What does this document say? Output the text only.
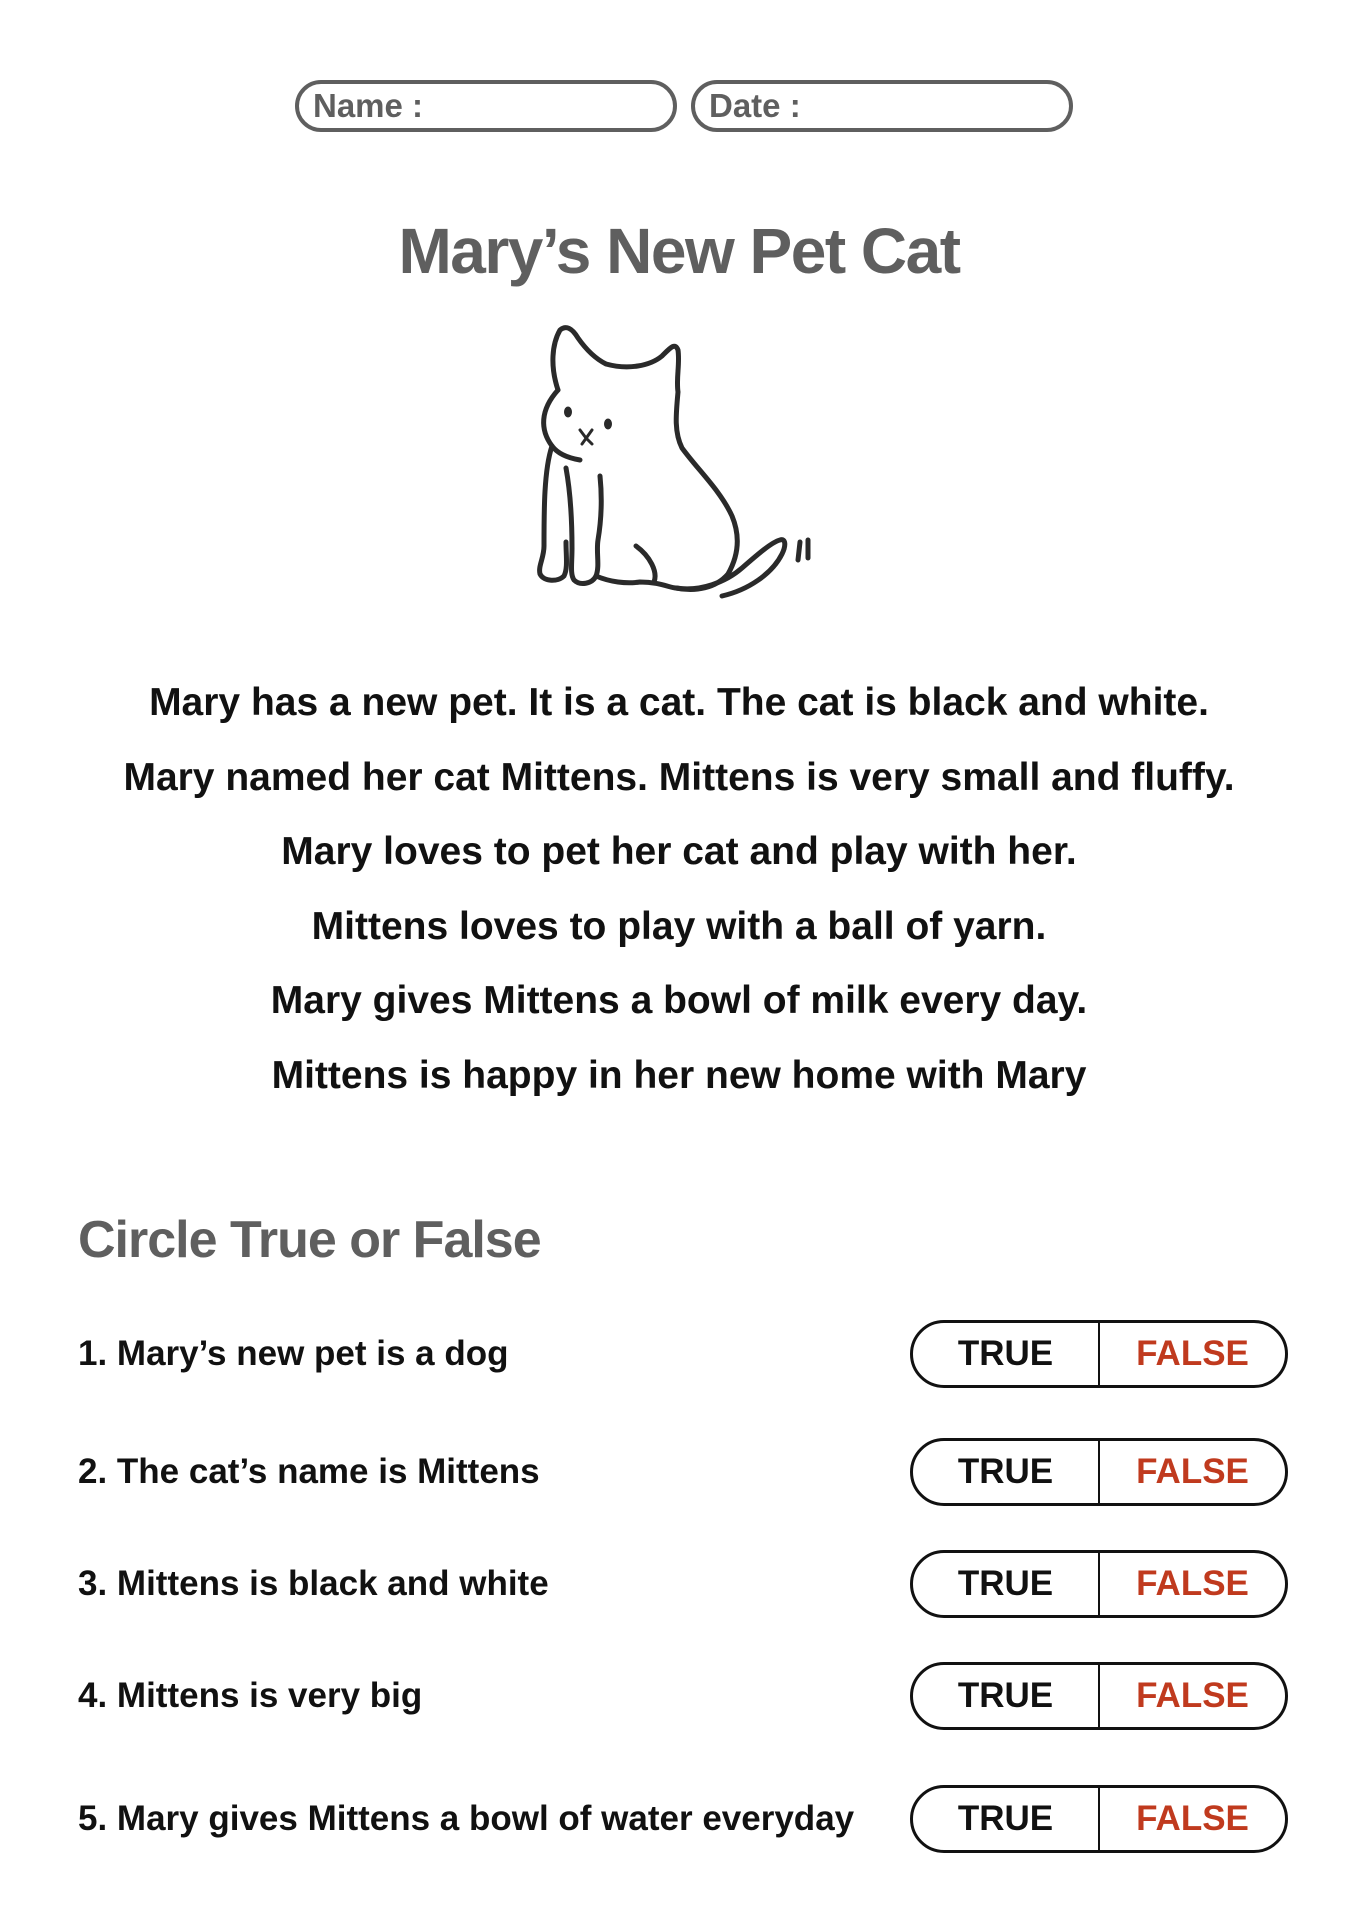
Name :	Date :
Mary’s New Pet Cat
Mary has a new pet. It is a cat. The cat is black and white.
Mary named her cat Mittens. Mittens is very small and fluffy.
Mary loves to pet her cat and play with her.
Mittens loves to play with a ball of yarn.
Mary gives Mittens a bowl of milk every day.
Mittens is happy in her new home with Mary
Circle True or False
1. Mary’s new pet is a dog	TRUE	FALSE
2. The cat’s name is Mittens	TRUE	FALSE
3. Mittens is black and white	TRUE	FALSE
4. Mittens is very big	TRUE	FALSE
5. Mary gives Mittens a bowl of water everyday	TRUE	FALSE
